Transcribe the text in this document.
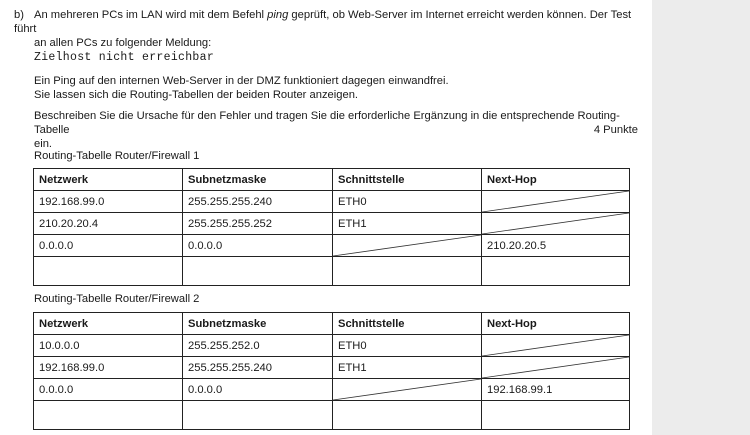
b) An mehreren PCs im LAN wird mit dem Befehl ping geprüft, ob Web-Server im Internet erreicht werden können. Der Test führt
an allen PCs zu folgender Meldung:
Zielhost nicht erreichbar
Ein Ping auf den internen Web-Server in der DMZ funktioniert dagegen einwandfrei.
Sie lassen sich die Routing-Tabellen der beiden Router anzeigen.
Beschreiben Sie die Ursache für den Fehler und tragen Sie die erforderliche Ergänzung in die entsprechende Routing-Tabelle
ein.
4 Punkte
Routing-Tabelle Router/Firewall 1
Netzwerk	Subnetzmaske	Schnittstelle	Next-Hop
192.168.99.0	255.255.255.240	ETH0	

210.20.20.4	255.255.255.252	ETH1	

0.0.0.0	0.0.0.0		210.20.20.5

Routing-Tabelle Router/Firewall 2
Netzwerk	Subnetzmaske	Schnittstelle	Next-Hop
10.0.0.0	255.255.252.0	ETH0	

192.168.99.0	255.255.255.240	ETH1	

0.0.0.0	0.0.0.0		192.168.99.1
